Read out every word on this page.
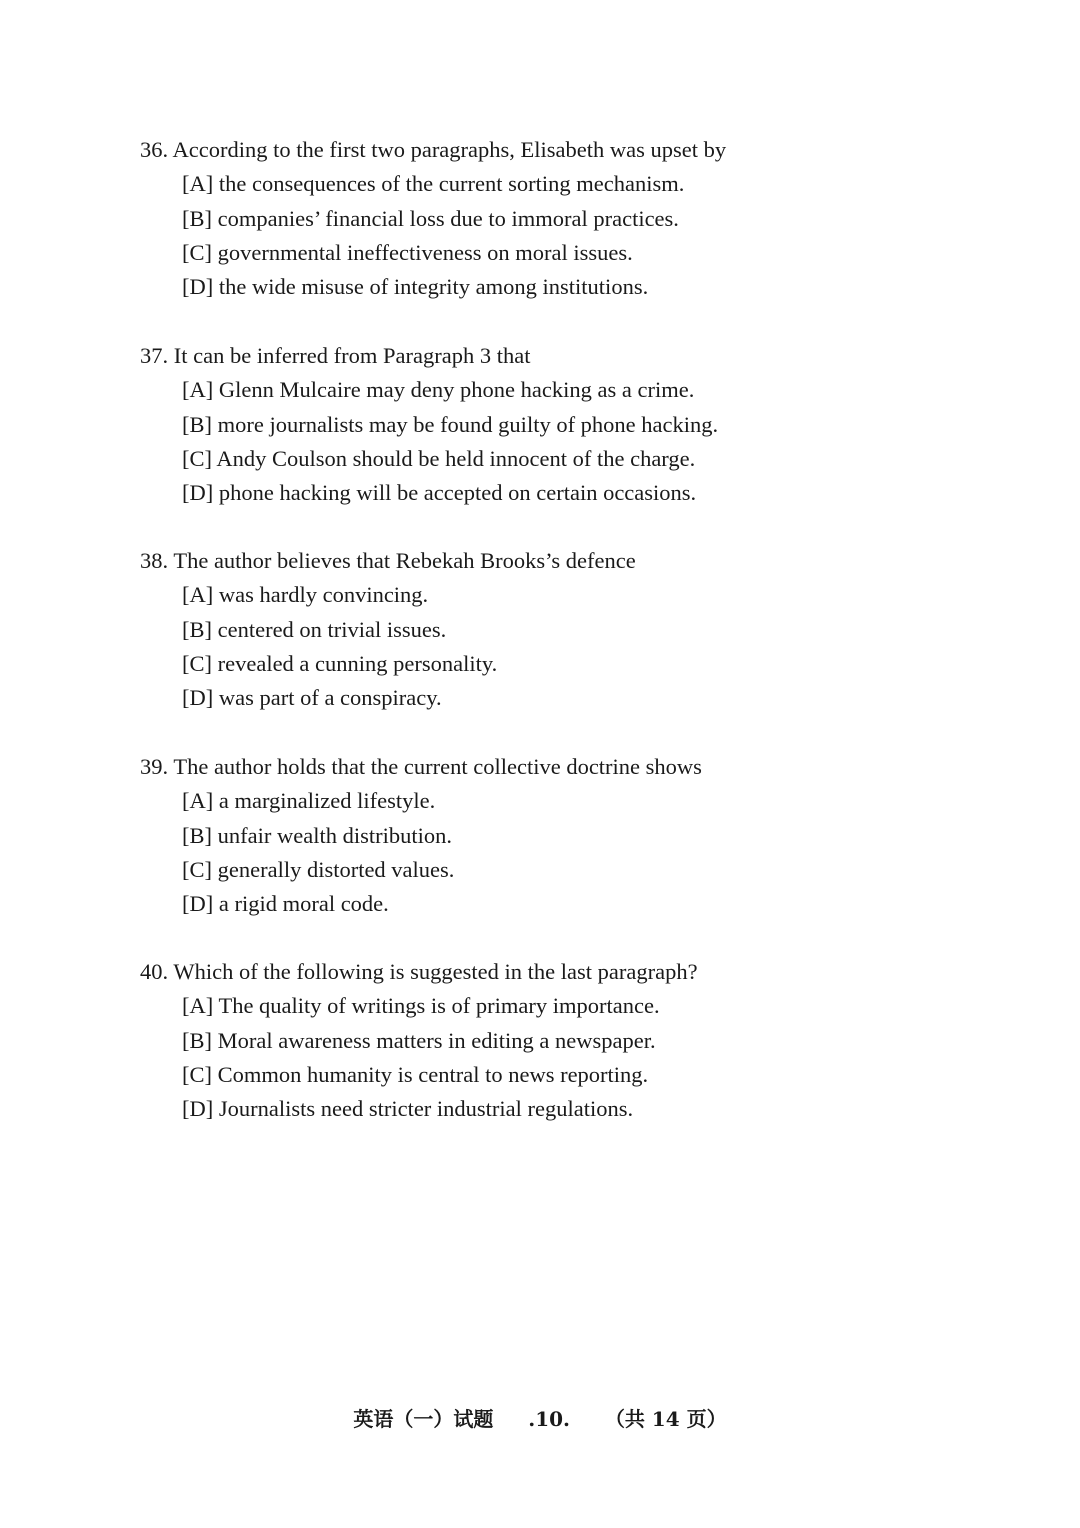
36. According to the first two paragraphs, Elisabeth was upset by
[A] the consequences of the current sorting mechanism.
[B] companies’ financial loss due to immoral practices.
[C] governmental ineffectiveness on moral issues.
[D] the wide misuse of integrity among institutions.
37. It can be inferred from Paragraph 3 that
[A] Glenn Mulcaire may deny phone hacking as a crime.
[B] more journalists may be found guilty of phone hacking.
[C] Andy Coulson should be held innocent of the charge.
[D] phone hacking will be accepted on certain occasions.
38. The author believes that Rebekah Brooks’s defence
[A] was hardly convincing.
[B] centered on trivial issues.
[C] revealed a cunning personality.
[D] was part of a conspiracy.
39. The author holds that the current collective doctrine shows
[A] a marginalized lifestyle.
[B] unfair wealth distribution.
[C] generally distorted values.
[D] a rigid moral code.
40. Which of the following is suggested in the last paragraph?
[A] The quality of writings is of primary importance.
[B] Moral awareness matters in editing a newspaper.
[C] Common humanity is central to news reporting.
[D] Journalists need stricter industrial regulations.
英语（一）试题 .10. （共 14 页）
